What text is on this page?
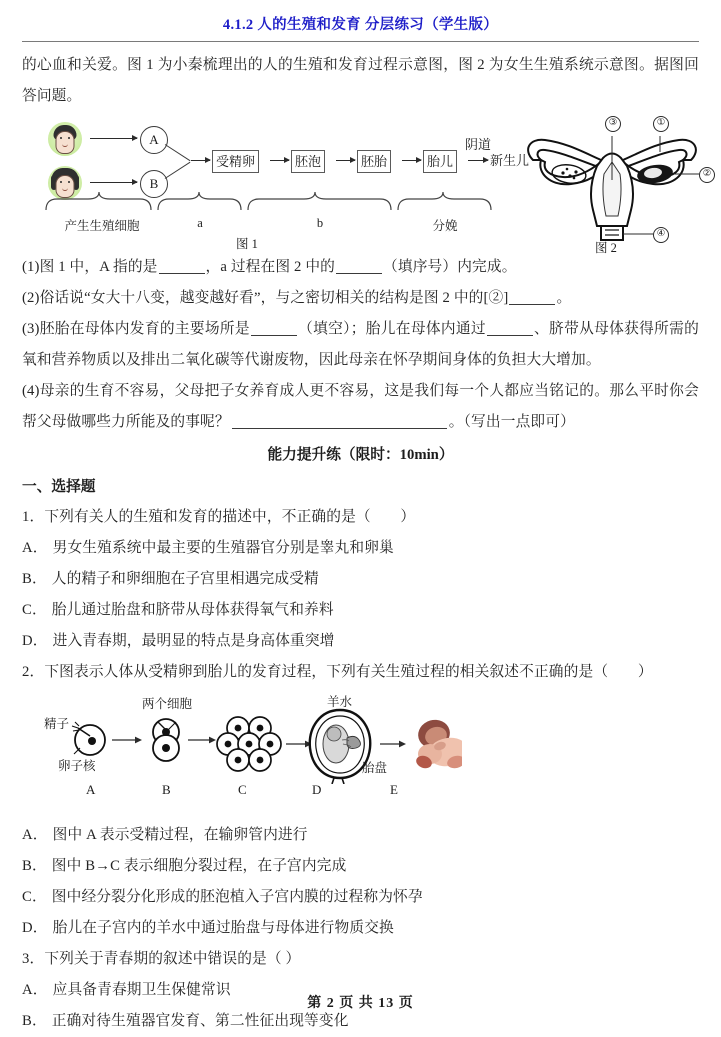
4.1.2 人的生殖和发育 分层练习（学生版）
的心血和关爱。图 1 为小秦梳理出的人的生殖和发育过程示意图，图 2 为女生生殖系统示意图。据图回答问题。
A
B
受精卵	胚泡	胚胎	胎儿
阴道
新生儿
产生生殖细胞	a	b	分娩
图 1
①
②
③
④
图 2
(1)图 1 中，A 指的是	，a 过程在图 2 中的	（填序号）内完成。
(2)俗话说“女大十八变，越变越好看”，与之密切相关的结构是图 2 中的[②]	。
(3)胚胎在母体内发育的主要场所是	（填空）；胎儿在母体内通过	、脐带从母体获得所需的氧和营养物质以及排出二氧化碳等代谢废物，因此母亲在怀孕期间身体的负担大大增加。
(4)母亲的生育不容易，父母把子女养育成人更不容易，这是我们每一个人都应当铭记的。那么平时你会帮父母做哪些力所能及的事呢？	。（写出一点即可）
能力提升练（限时：10min）
一、选择题
1．下列有关人的生殖和发育的描述中，不正确的是（　　）
A． 男女生殖系统中最主要的生殖器官分别是睾丸和卵巢
B． 人的精子和卵细胞在子宫里相遇完成受精
C． 胎儿通过胎盘和脐带从母体获得氧气和养料
D． 进入青春期，最明显的特点是身高体重突增
2．下图表示人体从受精卵到胎儿的发育过程，下列有关生殖过程的相关叙述不正确的是（　　）
精子
卵子核
两个细胞	羊水
胎盘
A	B	C	D	E
A． 图中 A 表示受精过程，在输卵管内进行
B． 图中 B→C 表示细胞分裂过程，在子宫内完成
C． 图中经分裂分化形成的胚泡植入子宫内膜的过程称为怀孕
D． 胎儿在子宫内的羊水中通过胎盘与母体进行物质交换
3．下列关于青春期的叙述中错误的是（ ）
A． 应具备青春期卫生保健常识
B． 正确对待生殖器官发育、第二性征出现等变化
第 2 页 共 13 页
